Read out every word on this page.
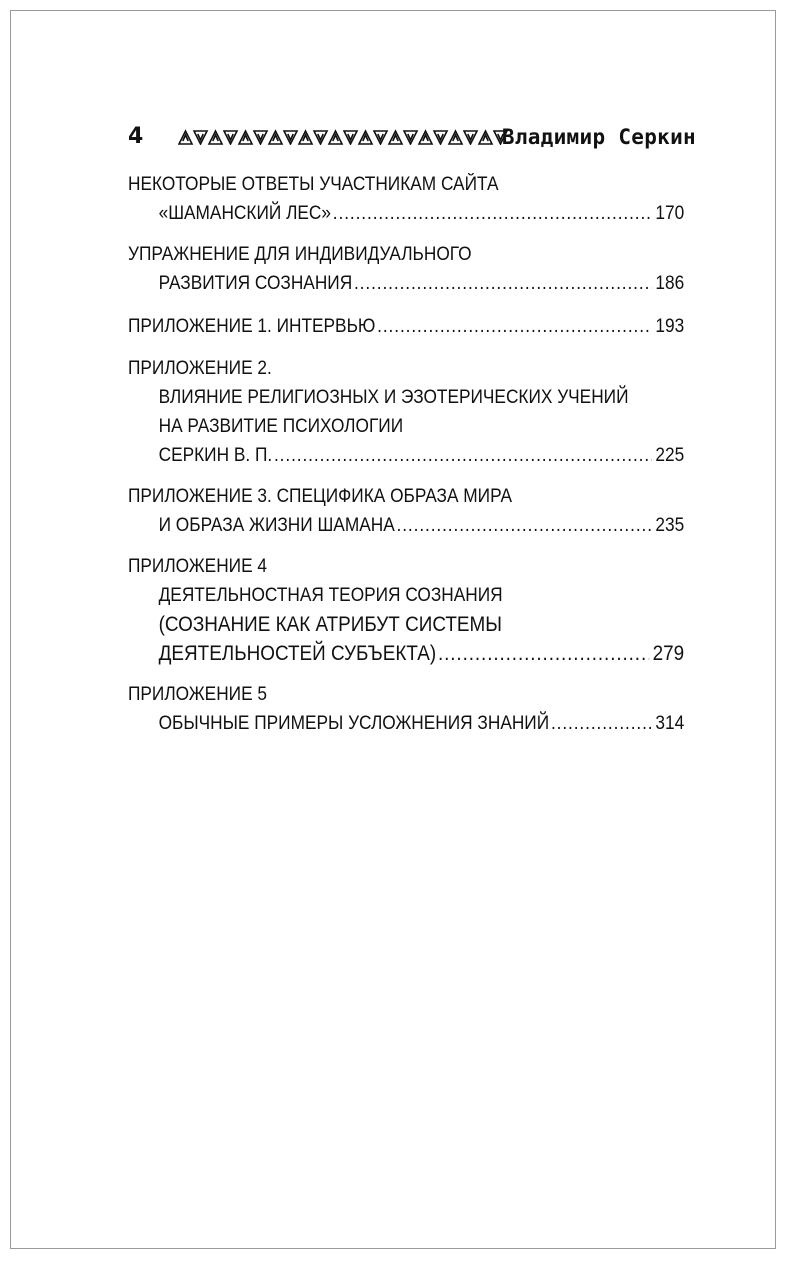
4	Владимир Серкин
НЕКОТОРЫЕ ОТВЕТЫ УЧАСТНИКАМ САЙТА
«ШАМАНСКИЙ ЛЕС» .....	170
УПРАЖНЕНИЕ ДЛЯ ИНДИВИДУАЛЬНОГО
РАЗВИТИЯ СОЗНАНИЯ .....	186
ПРИЛОЖЕНИЕ 1. ИНТЕРВЬЮ .....	193
ПРИЛОЖЕНИЕ 2.
ВЛИЯНИЕ РЕЛИГИОЗНЫХ И ЭЗОТЕРИЧЕСКИХ УЧЕНИЙ
НА РАЗВИТИЕ ПСИХОЛОГИИ
СЕРКИН В. П. .....	225
ПРИЛОЖЕНИЕ 3. СПЕЦИФИКА ОБРАЗА МИРА
И ОБРАЗА ЖИЗНИ ШАМАНА .....	235
ПРИЛОЖЕНИЕ 4
ДЕЯТЕЛЬНОСТНАЯ ТЕОРИЯ СОЗНАНИЯ
(СОЗНАНИЕ КАК АТРИБУТ СИСТЕМЫ
ДЕЯТЕЛЬНОСТЕЙ СУБЪЕКТА) .....	279
ПРИЛОЖЕНИЕ 5
ОБЫЧНЫЕ ПРИМЕРЫ УСЛОЖНЕНИЯ ЗНАНИЙ .....	314
